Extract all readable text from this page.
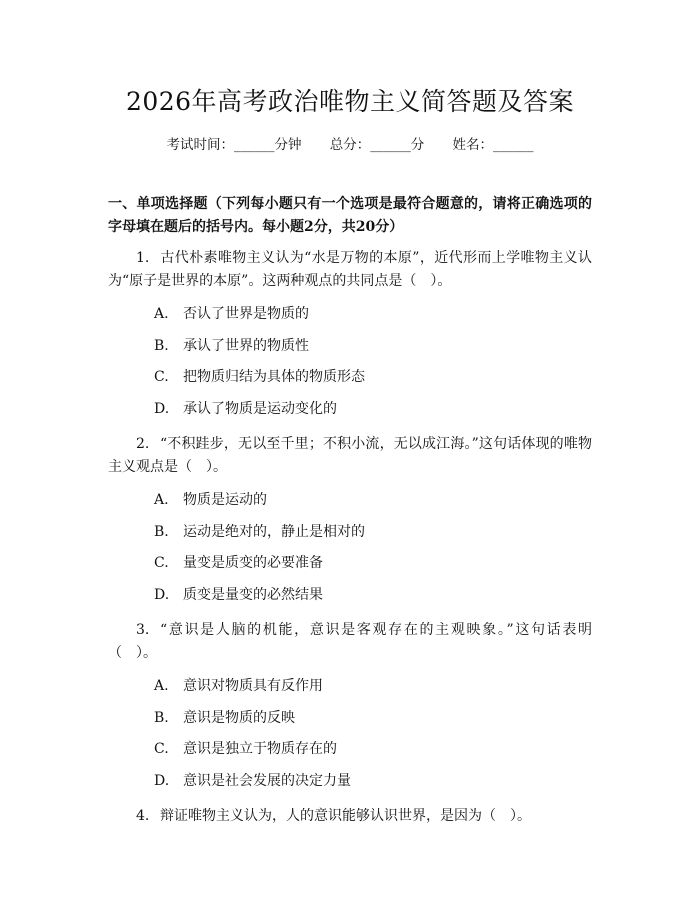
2026年高考政治唯物主义简答题及答案
考试时间：______分钟 总分：______分 姓名：______
一、单项选择题（下列每小题只有一个选项是最符合题意的，请将正确选项的字母填在题后的括号内。每小题2分，共20分）
1. 古代朴素唯物主义认为“水是万物的本原”，近代形而上学唯物主义认为“原子是世界的本原”。这两种观点的共同点是（　）。
A. 否认了世界是物质的
B. 承认了世界的物质性
C. 把物质归结为具体的物质形态
D. 承认了物质是运动变化的
2. “不积跬步，无以至千里；不积小流，无以成江海。”这句话体现的唯物主义观点是（　）。
A. 物质是运动的
B. 运动是绝对的，静止是相对的
C. 量变是质变的必要准备
D. 质变是量变的必然结果
3. “意识是人脑的机能，意识是客观存在的主观映象。”这句话表明（　）。
A. 意识对物质具有反作用
B. 意识是物质的反映
C. 意识是独立于物质存在的
D. 意识是社会发展的决定力量
4. 辩证唯物主义认为，人的意识能够认识世界，是因为（　）。
